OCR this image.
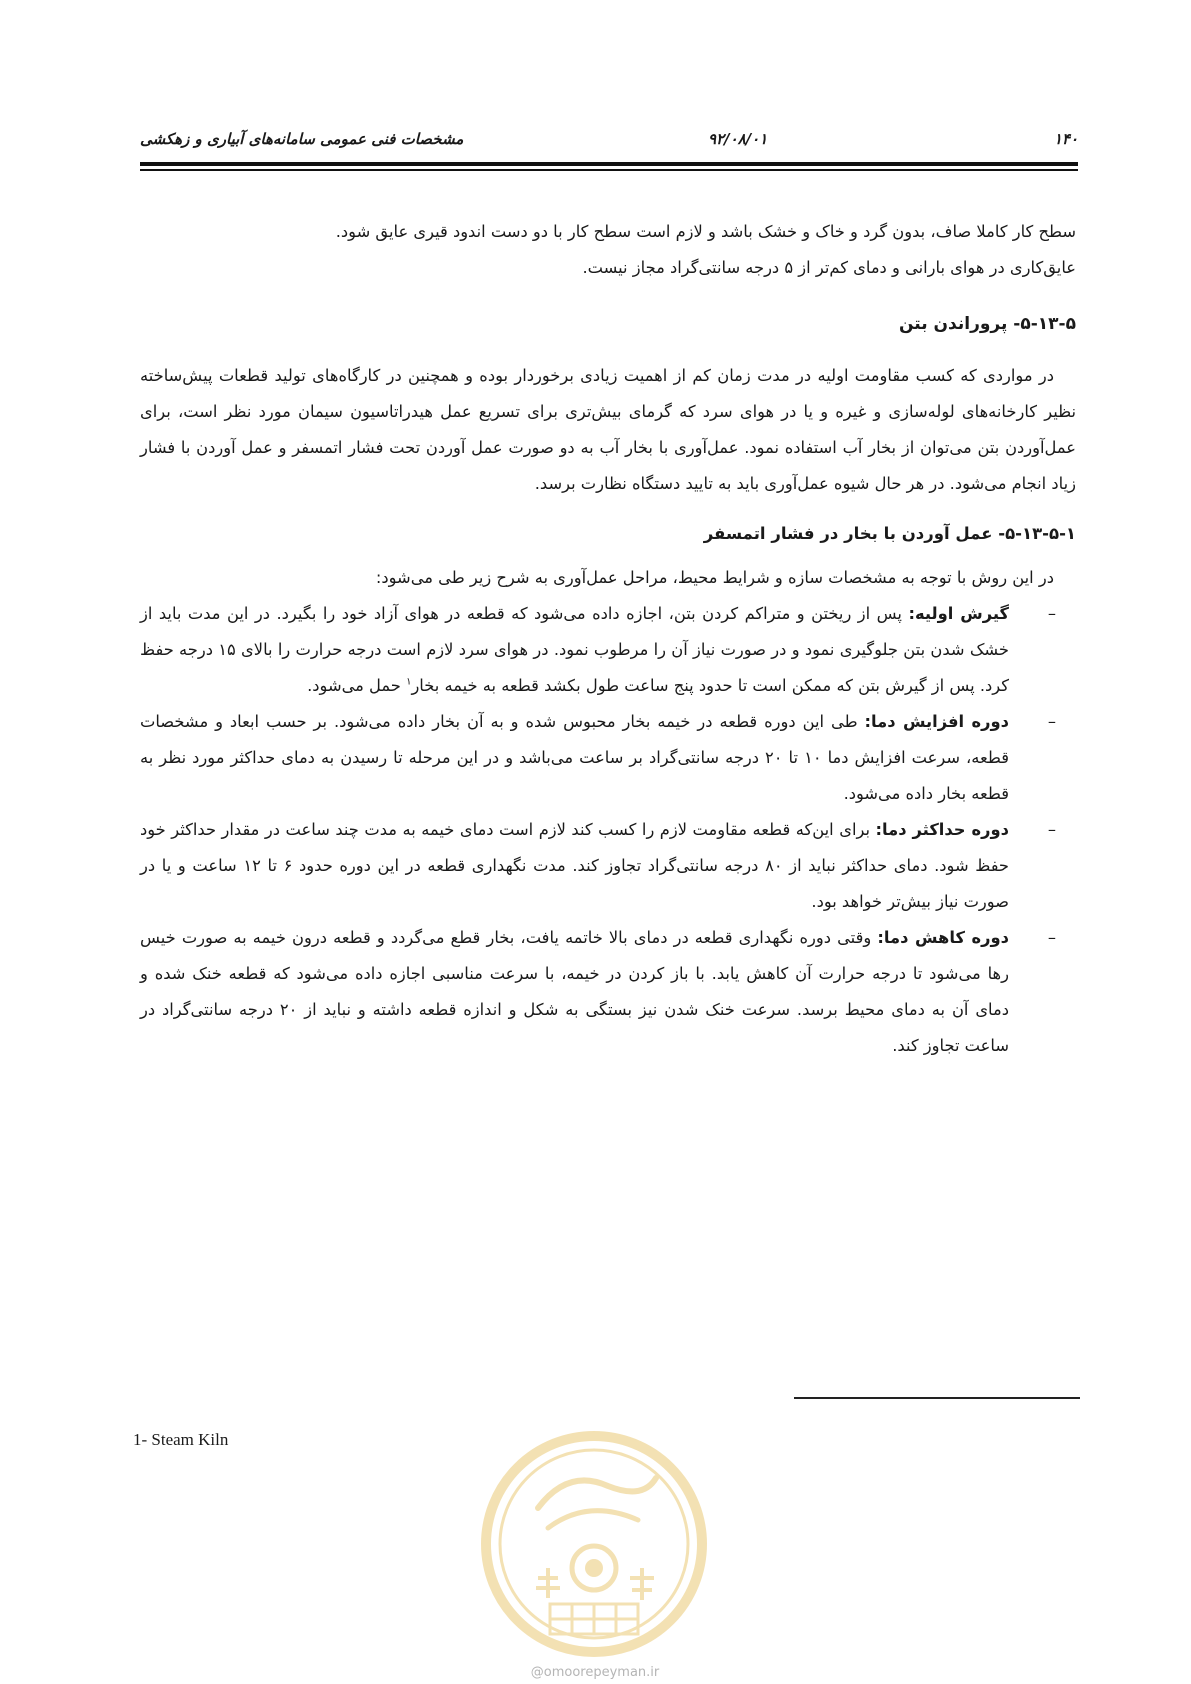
۱۴۰
۹۲/۰۸/۰۱
مشخصات فنی عمومی سامانه‌های آبیاری و زهکشی

سطح کار کاملا صاف، بدون گرد و خاک و خشک باشد و لازم است سطح کار با دو دست اندود قیری عایق شود.

عایق‌کاری در هوای بارانی و دمای کم‌تر از ۵ درجه سانتی‌گراد مجاز نیست.

۵-۱۳-۵- پروراندن بتن

در مواردی که کسب مقاومت اولیه در مدت زمان کم از اهمیت زیادی برخوردار بوده و همچنین در کارگاه‌های تولید قطعات پیش‌ساخته نظیر کارخانه‌های لوله‌سازی و غیره و یا در هوای سرد که گرمای بیش‌تری برای تسریع عمل هیدراتاسیون سیمان مورد نظر است، برای عمل‌آوردن بتن می‌توان از بخار آب استفاده نمود. عمل‌آوری با بخار آب به دو صورت عمل آوردن تحت فشار اتمسفر و عمل آوردن با فشار زیاد انجام می‌شود. در هر حال شیوه عمل‌آوری باید به تایید دستگاه نظارت برسد.

۵-۱۳-۵-۱- عمل آوردن با بخار در فشار اتمسفر

در این روش با توجه به مشخصات سازه و شرایط محیط، مراحل عمل‌آوری به شرح زیر طی می‌شود:

–
گیرش اولیه: پس از ریختن و متراکم کردن بتن، اجازه داده می‌شود که قطعه در هوای آزاد خود را بگیرد. در این مدت باید از خشک شدن بتن جلوگیری نمود و در صورت نیاز آن را مرطوب نمود. در هوای سرد لازم است درجه حرارت را بالای ۱۵ درجه حفظ کرد. پس از گیرش بتن که ممکن است تا حدود پنج ساعت طول بکشد قطعه به خیمه بخار$^۱$ حمل می‌شود.
–
دوره افزایش دما: طی این دوره قطعه در خیمه بخار محبوس شده و به آن بخار داده می‌شود. بر حسب ابعاد و مشخصات قطعه، سرعت افزایش دما ۱۰ تا ۲۰ درجه سانتی‌گراد بر ساعت می‌باشد و در این مرحله تا رسیدن به دمای حداکثر مورد نظر به قطعه بخار داده می‌شود.
–
دوره حداکثر دما: برای این‌که قطعه مقاومت لازم را کسب کند لازم است دمای خیمه به مدت چند ساعت در مقدار حداکثر خود حفظ شود. دمای حداکثر نباید از ۸۰ درجه سانتی‌گراد تجاوز کند. مدت نگهداری قطعه در این دوره حدود ۶ تا ۱۲ ساعت و یا در صورت نیاز بیش‌تر خواهد بود.
–
دوره کاهش دما: وقتی دوره نگهداری قطعه در دمای بالا خاتمه یافت، بخار قطع می‌گردد و قطعه درون خیمه به صورت خیس رها می‌شود تا درجه حرارت آن کاهش یابد. با باز کردن در خیمه، با سرعت مناسبی اجازه داده می‌شود که قطعه خنک شده و دمای آن به دمای محیط برسد. سرعت خنک شدن نیز بستگی به شکل و اندازه قطعه داشته و نباید از ۲۰ درجه سانتی‌گراد در ساعت تجاوز کند.
1- Steam Kiln
@omoorepeyman.ir
